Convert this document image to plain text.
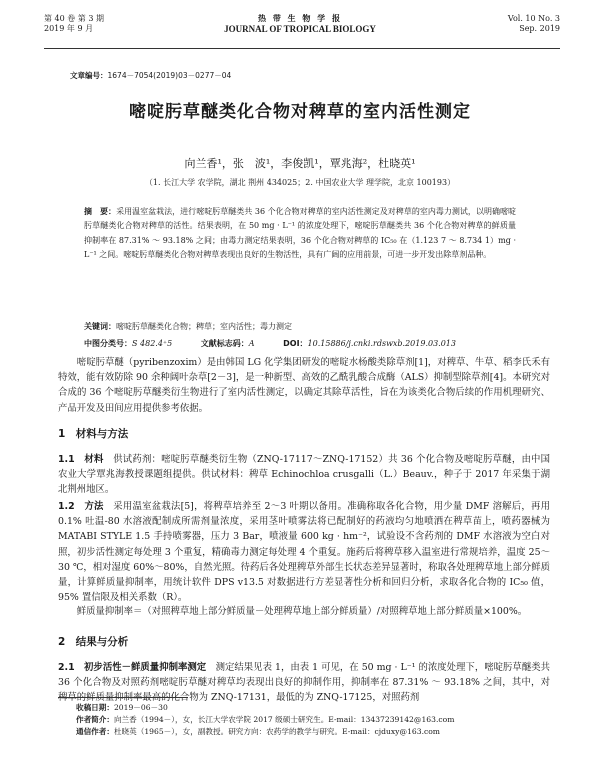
第 40 卷 第 3 期
2019 年 9 月
热 带 生 物 学 报
JOURNAL OF TROPICAL BIOLOGY
Vol. 10 No. 3
Sep. 2019
文章编号：1674－7054(2019)03－0277－04
嘧啶肟草醚类化合物对稗草的室内活性测定
向兰香¹，张　波¹，李俊凯¹，覃兆海²，杜晓英¹
（1. 长江大学 农学院，湖北 荆州 434025；2. 中国农业大学 理学院，北京 100193）
摘　要：采用温室盆栽法，进行嘧啶肟草醚类共 36 个化合物对稗草的室内活性测定及对稗草的室内毒力测试，以明确嘧啶肟草醚类化合物对稗草的活性。结果表明，在 50 mg · L⁻¹ 的浓度处理下，嘧啶肟草醚类共 36 个化合物对稗草的鲜质量抑制率在 87.31% ～ 93.18% 之间；由毒力测定结果表明，36 个化合物对稗草的 IC₅₀ 在（1.123 7 ～ 8.734 1）mg · L⁻¹ 之间。嘧啶肟草醚类化合物对稗草表现出良好的生物活性，具有广阔的应用前景，可进一步开发出除草剂品种。
关键词：嘧啶肟草醚类化合物；稗草；室内活性；毒力测定
中图分类号：S 482.4⁺5	文献标志码：A	DOI：10.15886/j.cnki.rdswxb.2019.03.013

嘧啶肟草醚（pyribenzoxim）是由韩国 LG 化学集团研发的嘧啶水杨酸类除草剂[1]，对稗草、牛草、稻李氏禾有特效，能有效防除 90 余种阔叶杂草[2－3]，是一种新型、高效的乙酰乳酸合成酶（ALS）抑制型除草剂[4]。本研究对合成的 36 个嘧啶肟草醚类衍生物进行了室内活性测定，以确定其除草活性，旨在为该类化合物后续的作用机理研究、产品开发及田间应用提供参考依据。

1　材料与方法

1.1　材料　 供试药剂：嘧啶肟草醚类衍生物（ZNQ-17117～ZNQ-17152）共 36 个化合物及嘧啶肟草醚，由中国农业大学覃兆海教授课题组提供。供试材料：稗草 Echinochloa crusgalli（L.）Beauv.，种子于 2017 年采集于湖北荆州地区。

1.2　方法　 采用温室盆栽法[5]，将稗草培养至 2～3 叶期以备用。准确称取各化合物，用少量 DMF 溶解后，再用 0.1% 吐温-80 水溶液配制成所需剂量浓度，采用茎叶喷雾法将已配制好的药液均匀地喷洒在稗草苗上，喷药器械为 MATABI STYLE 1.5 手持喷雾器，压力 3 Bar，喷液量 600 kg · hm⁻²，试验设不含药剂的 DMF 水溶液为空白对照，初步活性测定每处理 3 个重复，精确毒力测定每处理 4 个重复。施药后将稗草移入温室进行常规培养，温度 25～30 ℃，相对湿度 60%～80%，自然光照。待药后各处理稗草外部生长状态差异显著时，称取各处理稗草地上部分鲜质量，计算鲜质量抑制率，用统计软件 DPS v13.5 对数据进行方差显著性分析和回归分析，求取各化合物的 IC₅₀ 值，95% 置信限及相关系数（R）。

鲜质量抑制率＝（对照稗草地上部分鲜质量－处理稗草地上部分鲜质量）/对照稗草地上部分鲜质量×100%。

2　结果与分析

2.1　初步活性－鲜质量抑制率测定　 测定结果见表 1，由表 1 可见，在 50 mg · L⁻¹ 的浓度处理下，嘧啶肟草醚类共 36 个化合物及对照药剂嘧啶肟草醚对稗草均表现出良好的抑制作用，抑制率在 87.31% ～ 93.18% 之间，其中，对稗草的鲜质量抑制率最高的化合物为 ZNQ-17131，最低的为 ZNQ-17125，对照药剂

收稿日期：2019－06－30
作者简介：向兰香（1994－），女，长江大学农学院 2017 级硕士研究生。E-mail：13437239142@163.com
通信作者：杜晓英（1965－），女，副教授。研究方向：农药学的教学与研究。E-mail：cjduxy@163.com
